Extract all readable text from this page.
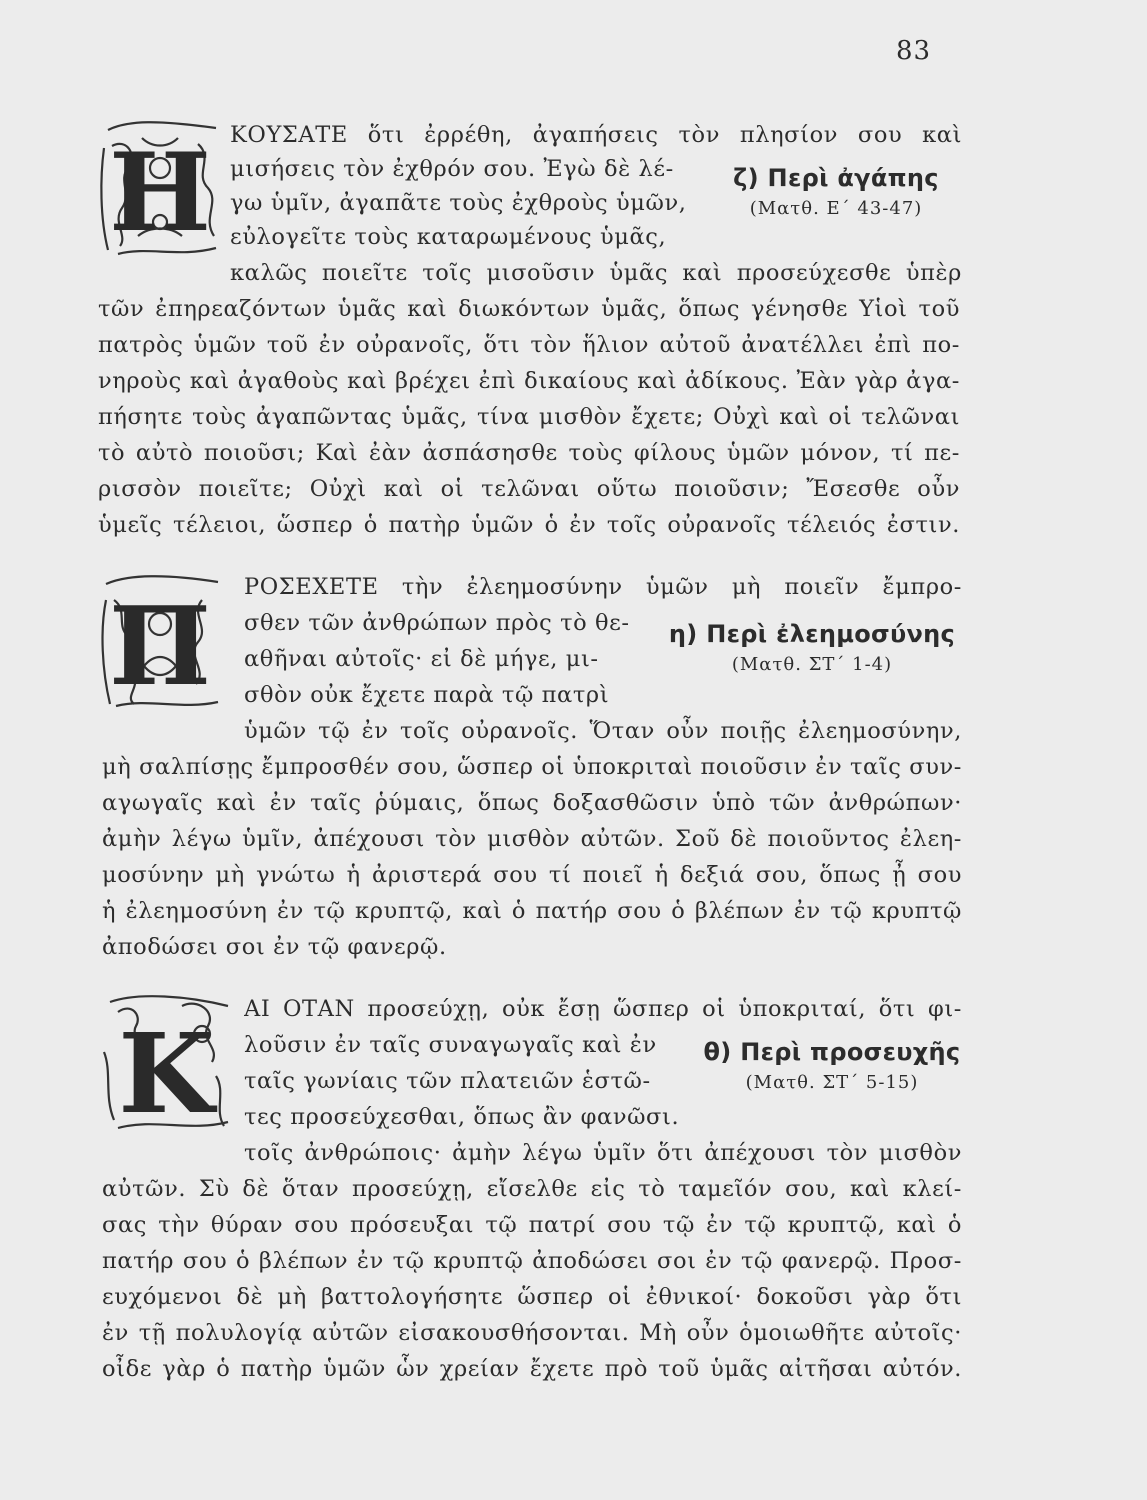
83
Η ΚΟΥΣΑΤΕ ὅτι ἐρρέθη, ἀγαπήσεις τὸν πλησίον σου καὶ
μισήσεις τὸν ἐχθρόν σου. Ἐγὼ δὲ λέ-
γω ὑμῖν, ἀγαπᾶτε τοὺς ἐχθροὺς ὑμῶν,
εὐλογεῖτε τοὺς καταρωμένους ὑμᾶς,
ζ) Περὶ ἀγάπης
(Ματθ. Ε΄ 43-47)
καλῶς ποιεῖτε τοῖς μισοῦσιν ὑμᾶς καὶ προσεύχεσθε ὑπὲρ
τῶν ἐπηρεαζόντων ὑμᾶς καὶ διωκόντων ὑμᾶς, ὅπως γένησθε Υἱοὶ τοῦ
πατρὸς ὑμῶν τοῦ ἐν οὐρανοῖς, ὅτι τὸν ἥλιον αὐτοῦ ἀνατέλλει ἐπὶ πο-
νηροὺς καὶ ἀγαθοὺς καὶ βρέχει ἐπὶ δικαίους καὶ ἀδίκους. Ἐὰν γὰρ ἀγα-
πήσητε τοὺς ἀγαπῶντας ὑμᾶς, τίνα μισθὸν ἔχετε; Οὐχὶ καὶ οἱ τελῶναι
τὸ αὐτὸ ποιοῦσι; Καὶ ἐὰν ἀσπάσησθε τοὺς φίλους ὑμῶν μόνον, τί πε-
ρισσὸν ποιεῖτε; Οὐχὶ καὶ οἱ τελῶναι οὕτω ποιοῦσιν; Ἔσεσθε οὖν
ὑμεῖς τέλειοι, ὥσπερ ὁ πατὴρ ὑμῶν ὁ ἐν τοῖς οὐρανοῖς τέλειός ἐστιν.
Π ΡΟΣΕΧΕΤΕ τὴν ἐλεημοσύνην ὑμῶν μὴ ποιεῖν ἔμπρο-
σθεν τῶν ἀνθρώπων πρὸς τὸ θε-
αθῆναι αὐτοῖς· εἰ δὲ μήγε, μι-
σθὸν οὐκ ἔχετε παρὰ τῷ πατρὶ
η) Περὶ ἐλεημοσύνης
(Ματθ. ΣΤ΄ 1-4)
ὑμῶν τῷ ἐν τοῖς οὐρανοῖς. Ὅταν οὖν ποιῇς ἐλεημοσύνην,
μὴ σαλπίσῃς ἔμπροσθέν σου, ὥσπερ οἱ ὑποκριταὶ ποιοῦσιν ἐν ταῖς συν-
αγωγαῖς καὶ ἐν ταῖς ῥύμαις, ὅπως δοξασθῶσιν ὑπὸ τῶν ἀνθρώπων·
ἀμὴν λέγω ὑμῖν, ἀπέχουσι τὸν μισθὸν αὐτῶν. Σοῦ δὲ ποιοῦντος ἐλεη-
μοσύνην μὴ γνώτω ἡ ἀριστερά σου τί ποιεῖ ἡ δεξιά σου, ὅπως ᾖ σου
ἡ ἐλεημοσύνη ἐν τῷ κρυπτῷ, καὶ ὁ πατήρ σου ὁ βλέπων ἐν τῷ κρυπτῷ
ἀποδώσει σοι ἐν τῷ φανερῷ.
Κ ΑΙ ΟΤΑΝ προσεύχῃ, οὐκ ἔσῃ ὥσπερ οἱ ὑποκριταί, ὅτι φι-
λοῦσιν ἐν ταῖς συναγωγαῖς καὶ ἐν
ταῖς γωνίαις τῶν πλατειῶν ἑστῶ-
τες προσεύχεσθαι, ὅπως ἂν φανῶσι.
θ) Περὶ προσευχῆς
(Ματθ. ΣΤ΄ 5-15)
τοῖς ἀνθρώποις· ἀμὴν λέγω ὑμῖν ὅτι ἀπέχουσι τὸν μισθὸν
αὐτῶν. Σὺ δὲ ὅταν προσεύχῃ, εἴσελθε εἰς τὸ ταμεῖόν σου, καὶ κλεί-
σας τὴν θύραν σου πρόσευξαι τῷ πατρί σου τῷ ἐν τῷ κρυπτῷ, καὶ ὁ
πατήρ σου ὁ βλέπων ἐν τῷ κρυπτῷ ἀποδώσει σοι ἐν τῷ φανερῷ. Προσ-
ευχόμενοι δὲ μὴ βαττολογήσητε ὥσπερ οἱ ἐθνικοί· δοκοῦσι γὰρ ὅτι
ἐν τῇ πολυλογίᾳ αὐτῶν εἰσακουσθήσονται. Μὴ οὖν ὁμοιωθῆτε αὐτοῖς·
οἶδε γὰρ ὁ πατὴρ ὑμῶν ὧν χρείαν ἔχετε πρὸ τοῦ ὑμᾶς αἰτῆσαι αὐτόν.
